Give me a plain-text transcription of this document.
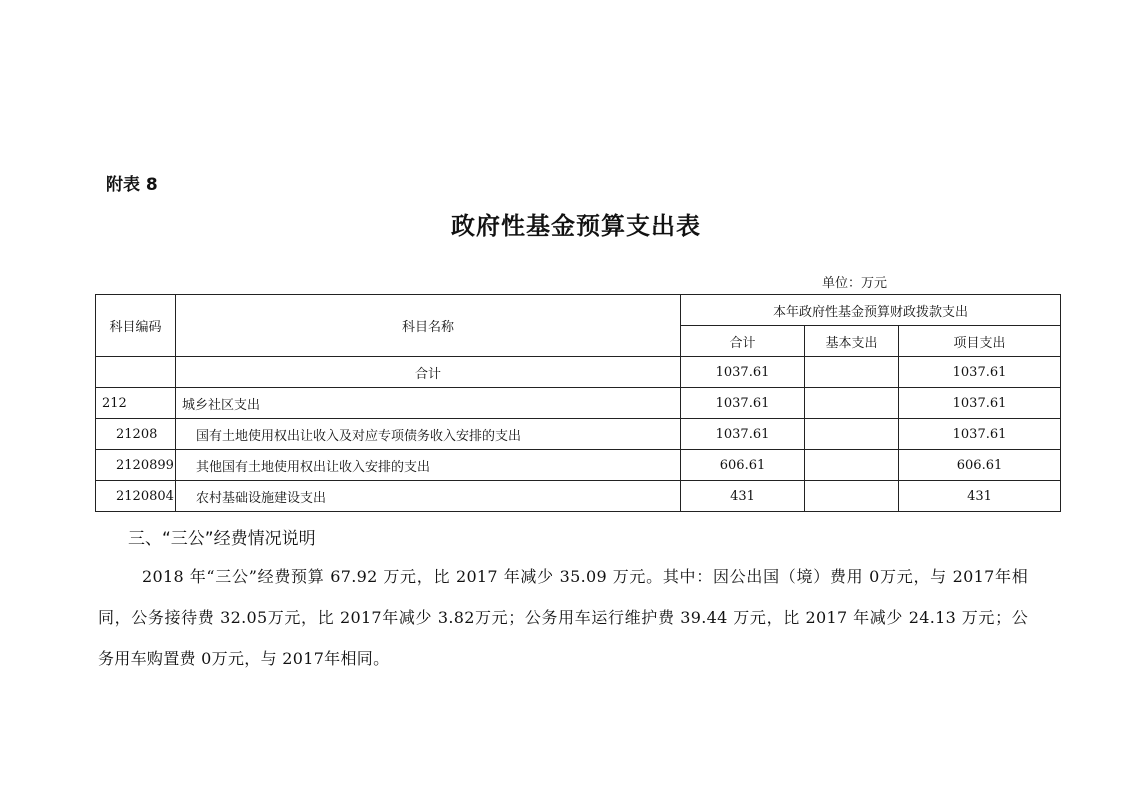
附表 8
政府性基金预算支出表
单位：万元
科目编码	科目名称	本年政府性基金预算财政拨款支出		
		合计	基本支出	项目支出
	合计	1037.61		1037.61
212	城乡社区支出	1037.61		1037.61
21208	国有土地使用权出让收入及对应专项债务收入安排的支出	1037.61		1037.61
2120899	其他国有土地使用权出让收入安排的支出	606.61		606.61
2120804	农村基础设施建设支出	431		431
三、“三公”经费情况说明
2018 年“三公”经费预算 67.92 万元，比 2017 年减少 35.09 万元。其中：因公出国（境）费用 0万元，与 2017年相同，公务接待费 32.05万元，比 2017年减少 3.82万元；公务用车运行维护费 39.44 万元，比 2017 年减少 24.13 万元；公务用车购置费 0万元，与 2017年相同。
